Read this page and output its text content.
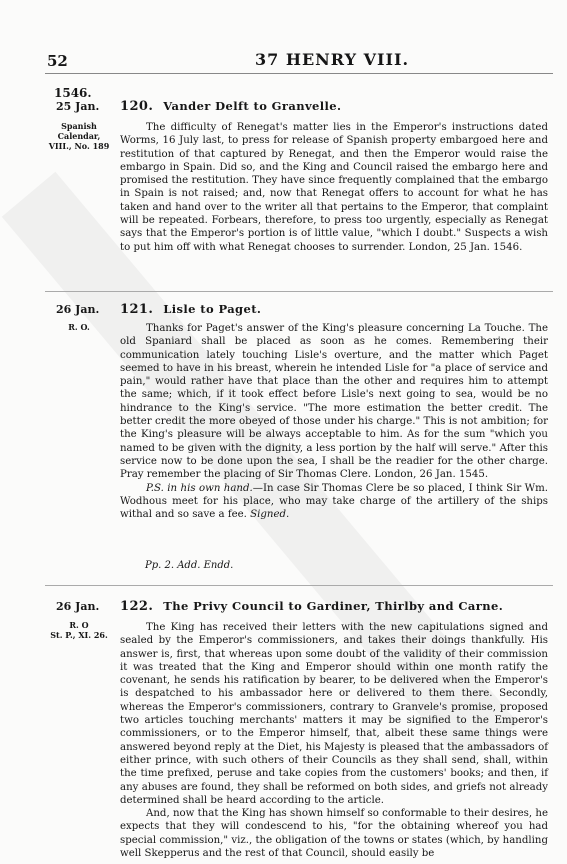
52	37 HENRY VIII.
1546.
25 Jan.
Spanish
Calendar,
VIII., No. 189
120. Vander Delft to Granvelle.

The difficulty of Renegat's matter lies in the Emperor's instructions dated Worms, 16 July last, to press for release of Spanish property embargoed here and restitution of that captured by Renegat, and then the Emperor would raise the embargo in Spain. Did so, and the King and Council raised the embargo here and promised the restitution. They have since frequently complained that the embargo in Spain is not raised; and, now that Renegat offers to account for what he has taken and hand over to the writer all that pertains to the Emperor, that complaint will be repeated. Forbears, therefore, to press too urgently, especially as Renegat says that the Emperor's portion is of little value, "which I doubt." Suspects a wish to put him off with what Renegat chooses to surrender. London, 25 Jan. 1546.

26 Jan.
R. O.
121. Lisle to Paget.

Thanks for Paget's answer of the King's pleasure concerning La Touche. The old Spaniard shall be placed as soon as he comes. Remembering their communication lately touching Lisle's overture, and the matter which Paget seemed to have in his breast, wherein he intended Lisle for "a place of service and pain," would rather have that place than the other and requires him to attempt the same; which, if it took effect before Lisle's next going to sea, would be no hindrance to the King's service. "The more estimation the better credit. The better credit the more obeyed of those under his charge." This is not ambition; for the King's pleasure will be always acceptable to him. As for the sum "which you named to be given with the dignity, a less portion by the half will serve." After this service now to be done upon the sea, I shall be the readier for the other charge. Pray remember the placing of Sir Thomas Clere. London, 26 Jan. 1545.

P.S. in his own hand.—In case Sir Thomas Clere be so placed, I think Sir Wm. Wodhous meet for his place, who may take charge of the artillery of the ships withal and so save a fee. Signed.

Pp. 2. Add. Endd.
26 Jan.
R. O
St. P., XI. 26.
122. The Privy Council to Gardiner, Thirlby and Carne.

The King has received their letters with the new capitulations signed and sealed by the Emperor's commissioners, and takes their doings thankfully. His answer is, first, that whereas upon some doubt of the validity of their commission it was treated that the King and Emperor should within one month ratify the covenant, he sends his ratification by bearer, to be delivered when the Emperor's is despatched to his ambassador here or delivered to them there. Secondly, whereas the Emperor's commissioners, contrary to Granvele's promise, proposed two articles touching merchants' matters it may be signified to the Emperor's commissioners, or to the Emperor himself, that, albeit these same things were answered beyond reply at the Diet, his Majesty is pleased that the ambassadors of either prince, with such others of their Councils as they shall send, shall, within the time prefixed, peruse and take copies from the customers' books; and then, if any abuses are found, they shall be reformed on both sides, and griefs not already determined shall be heard according to the article.

And, now that the King has shown himself so conformable to their desires, he expects that they will condescend to his, "for the obtaining whereof you had special commission," viz., the obligation of the towns or states (which, by handling well Skepperus and the rest of that Council, should easily be
